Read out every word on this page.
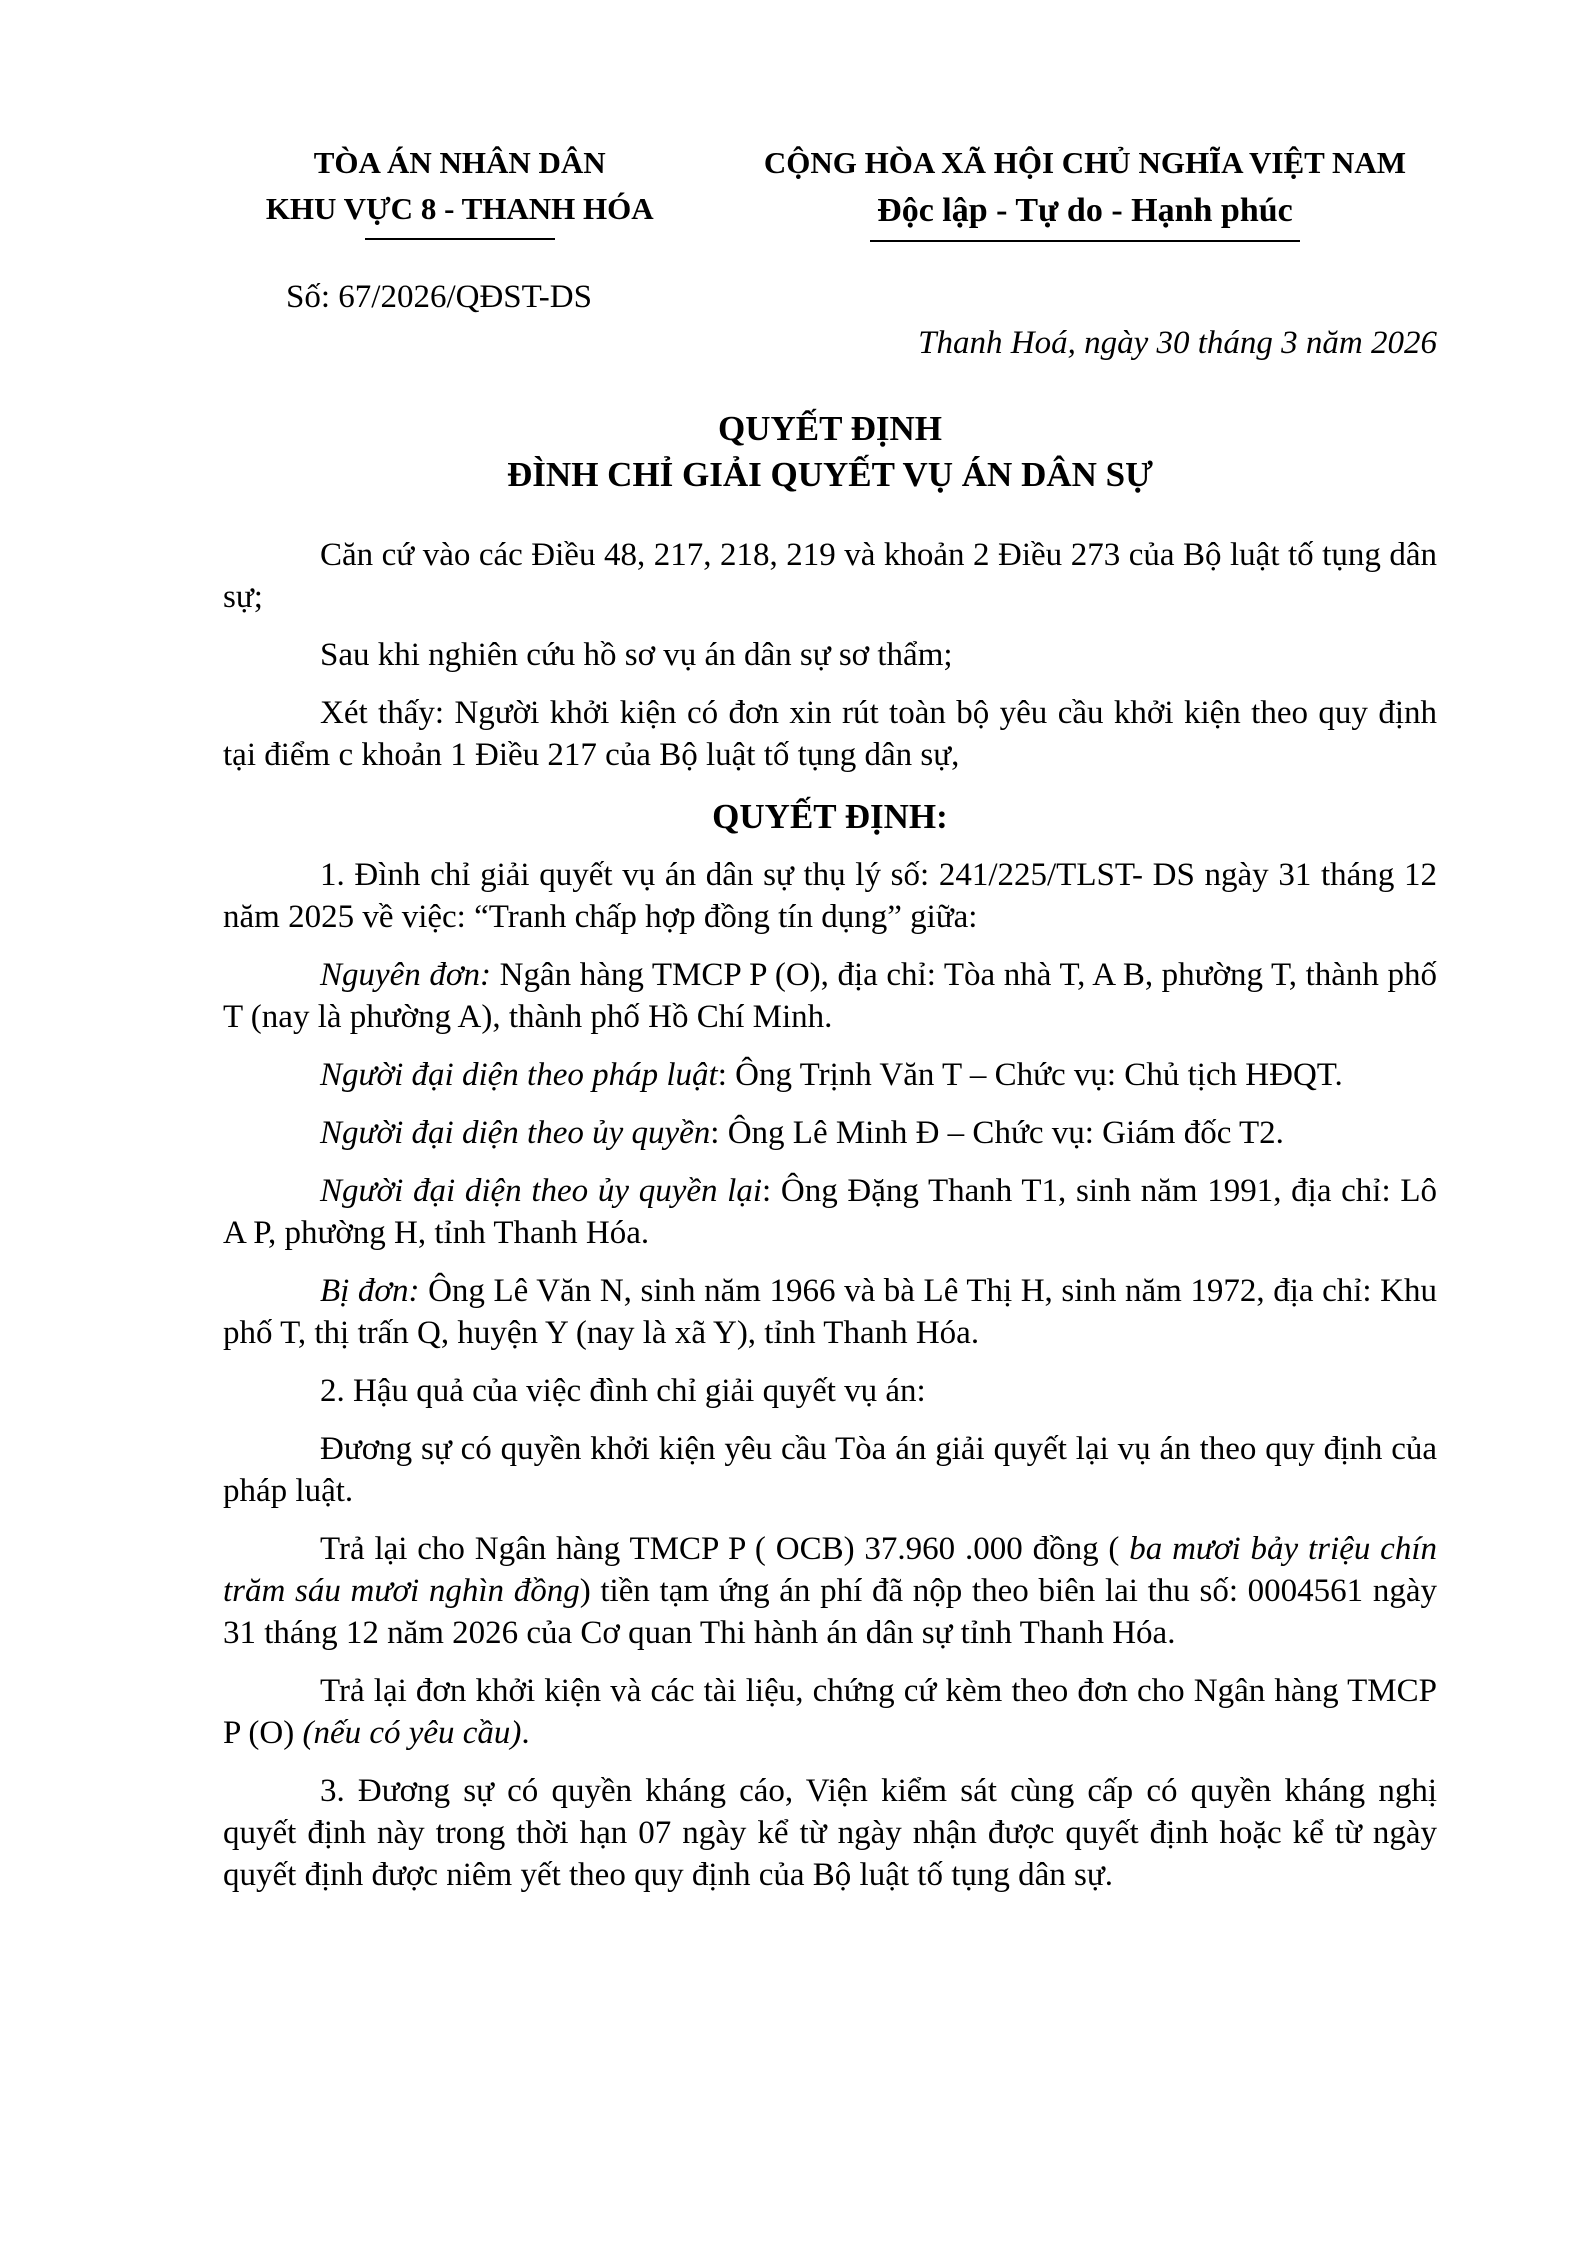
TÒA ÁN NHÂN DÂN
KHU VỰC 8 - THANH HÓA
CỘNG HÒA XÃ HỘI CHỦ NGHĨA VIỆT NAM
Độc lập - Tự do - Hạnh phúc
Số: 67/2026/QĐST-DS
Thanh Hoá, ngày 30 tháng 3 năm 2026
QUYẾT ĐỊNH
ĐÌNH CHỈ GIẢI QUYẾT VỤ ÁN DÂN SỰ

Căn cứ vào các Điều 48, 217, 218, 219 và khoản 2 Điều 273 của Bộ luật tố tụng dân sự;

Sau khi nghiên cứu hồ sơ vụ án dân sự sơ thẩm;

Xét thấy: Người khởi kiện có đơn xin rút toàn bộ yêu cầu khởi kiện theo quy định tại điểm c khoản 1 Điều 217 của Bộ luật tố tụng dân sự,

QUYẾT ĐỊNH:

1. Đình chỉ giải quyết vụ án dân sự thụ lý số: 241/225/TLST- DS ngày 31 tháng 12 năm 2025 về việc: “Tranh chấp hợp đồng tín dụng” giữa:

Nguyên đơn: Ngân hàng TMCP P (O), địa chỉ: Tòa nhà T, A B, phường T, thành phố T (nay là phường A), thành phố Hồ Chí Minh.

Người đại diện theo pháp luật: Ông Trịnh Văn T – Chức vụ: Chủ tịch HĐQT.

Người đại diện theo ủy quyền: Ông Lê Minh Đ – Chức vụ: Giám đốc T2.

Người đại diện theo ủy quyền lại: Ông Đặng Thanh T1, sinh năm 1991, địa chỉ: Lô A P, phường H, tỉnh Thanh Hóa.

Bị đơn: Ông Lê Văn N, sinh năm 1966 và bà Lê Thị H, sinh năm 1972, địa chỉ: Khu phố T, thị trấn Q, huyện Y (nay là xã Y), tỉnh Thanh Hóa.

2. Hậu quả của việc đình chỉ giải quyết vụ án:

Đương sự có quyền khởi kiện yêu cầu Tòa án giải quyết lại vụ án theo quy định của pháp luật.

Trả lại cho Ngân hàng TMCP P ( OCB) 37.960 .000 đồng ( ba mươi bảy triệu chín trăm sáu mươi nghìn đồng) tiền tạm ứng án phí đã nộp theo biên lai thu số: 0004561 ngày 31 tháng 12 năm 2026 của Cơ quan Thi hành án dân sự tỉnh Thanh Hóa.

Trả lại đơn khởi kiện và các tài liệu, chứng cứ kèm theo đơn cho Ngân hàng TMCP P (O) (nếu có yêu cầu).

3. Đương sự có quyền kháng cáo, Viện kiểm sát cùng cấp có quyền kháng nghị quyết định này trong thời hạn 07 ngày kể từ ngày nhận được quyết định hoặc kể từ ngày quyết định được niêm yết theo quy định của Bộ luật tố tụng dân sự.
